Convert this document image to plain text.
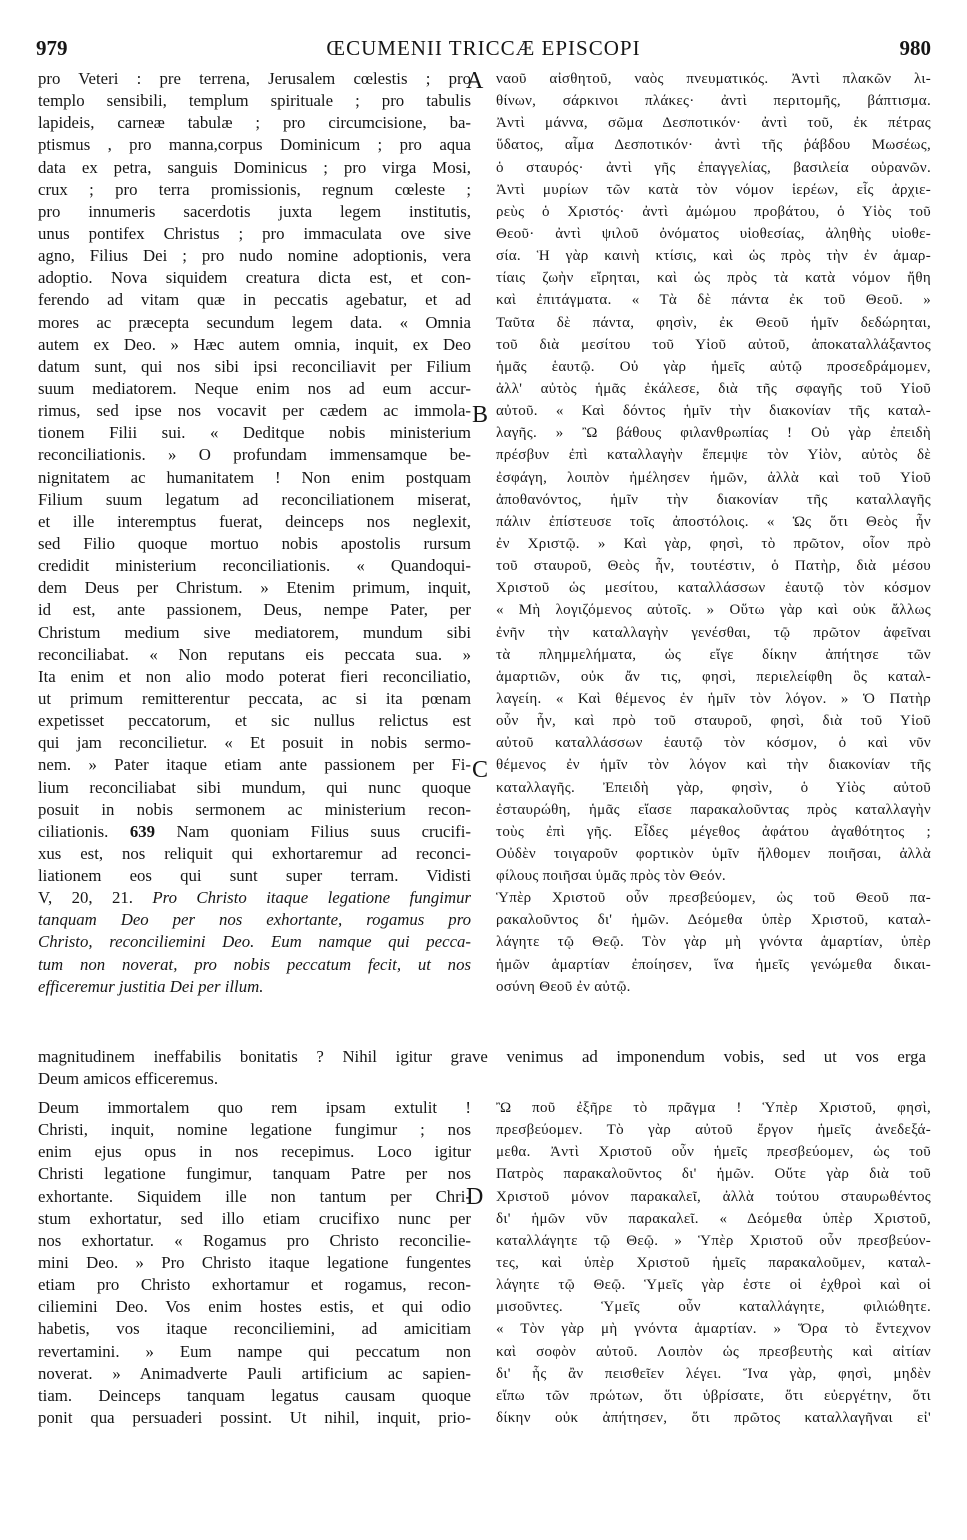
979	ŒCUMENII TRICCÆ EPISCOPI	980
A
B
C
D
pro Veteri : pre terrena, Jerusalem cœlestis ; pro
templo sensibili, templum spirituale ; pro tabulis
lapideis, carneæ tabulæ ; pro circumcisione, ba-
ptismus , pro manna,corpus Dominicum ; pro aqua
data ex petra, sanguis Dominicus ; pro virga Mosi,
crux ; pro terra promissionis, regnum cœleste ;
pro innumeris sacerdotis juxta legem institutis,
unus pontifex Christus ; pro immaculata ove sive
agno, Filius Dei ; pro nudo nomine adoptionis, vera
adoptio. Nova siquidem creatura dicta est, et con-
ferendo ad vitam quæ in peccatis agebatur, et ad
mores ac præcepta secundum legem data. « Omnia
autem ex Deo. » Hæc autem omnia, inquit, ex Deo
datum sunt, qui nos sibi ipsi reconciliavit per Filium
suum mediatorem. Neque enim nos ad eum accur-
rimus, sed ipse nos vocavit per cædem ac immola-
tionem Filii sui. « Deditque nobis ministerium
reconciliationis. » O profundam immensamque be-
nignitatem ac humanitatem ! Non enim postquam
Filium suum legatum ad reconciliationem miserat,
et ille interemptus fuerat, deinceps nos neglexit,
sed Filio quoque mortuo nobis apostolis rursum
credidit ministerium reconciliationis. « Quandoqui-
dem Deus per Christum. » Etenim primum, inquit,
id est, ante passionem, Deus, nempe Pater, per
Christum medium sive mediatorem, mundum sibi
reconciliabat. « Non reputans eis peccata sua. »
Ita enim et non alio modo poterat fieri reconciliatio,
ut primum remitterentur peccata, ac si ita pœnam
expetisset peccatorum, et sic nullus relictus est
qui jam reconcilietur. « Et posuit in nobis sermo-
nem. » Pater itaque etiam ante passionem per Fi-
lium reconciliabat sibi mundum, qui nunc quoque
posuit in nobis sermonem ac ministerium recon-
ciliationis. 639 Nam quoniam Filius suus crucifi-
xus est, nos reliquit qui exhortaremur ad reconci-
liationem eos qui sunt super terram. Vidisti
V, 20, 21. Pro Christo itaque legatione fungimur
tanquam Deo per nos exhortante, rogamus pro
Christo, reconciliemini Deo. Eum namque qui pecca-
tum non noverat, pro nobis peccatum fecit, ut nos
efficeremur justitia Dei per illum.
ναοῦ αἰσθητοῦ, ναὸς πνευματικός. Ἀντὶ πλακῶν λι-
θίνων, σάρκινοι πλάκες· ἀντὶ περιτομῆς, βάπτισμα.
Ἀντὶ μάννα, σῶμα Δεσποτικόν· ἀντὶ τοῦ, ἐκ πέτρας
ὕδατος, αἷμα Δεσποτικόν· ἀντὶ τῆς ῥάβδου Μωσέως,
ὁ σταυρός· ἀντὶ γῆς ἐπαγγελίας, βασιλεία οὐρανῶν.
Ἀντὶ μυρίων τῶν κατὰ τὸν νόμον ἱερέων, εἷς ἀρχιε-
ρεὺς ὁ Χριστός· ἀντὶ ἀμώμου προβάτου, ὁ Υἱὸς τοῦ
Θεοῦ· ἀντὶ ψιλοῦ ὀνόματος υἱοθεσίας, ἀληθὴς υἱοθε-
σία. Ἡ γὰρ καινὴ κτίσις, καὶ ὡς πρὸς τὴν ἐν ἁμαρ-
τίαις ζωὴν εἴρηται, καὶ ὡς πρὸς τὰ κατὰ νόμον ἤθη
καὶ ἐπιτάγματα. « Τὰ δὲ πάντα ἐκ τοῦ Θεοῦ. »
Ταῦτα δὲ πάντα, φησὶν, ἐκ Θεοῦ ἡμῖν δεδώρηται,
τοῦ διὰ μεσίτου τοῦ Υἱοῦ αὐτοῦ, ἀποκαταλλάξαντος
ἡμᾶς ἑαυτῷ. Οὐ γὰρ ἡμεῖς αὐτῷ προσεδράμομεν,
ἀλλ' αὐτὸς ἡμᾶς ἐκάλεσε, διὰ τῆς σφαγῆς τοῦ Υἱοῦ
αὐτοῦ. « Καὶ δόντος ἡμῖν τὴν διακονίαν τῆς καταλ-
λαγῆς. » Ὢ βάθους φιλανθρωπίας ! Οὐ γὰρ ἐπειδὴ
πρέσβυν ἐπὶ καταλλαγὴν ἔπεμψε τὸν Υἱὸν, αὐτὸς δὲ
ἐσφάγη, λοιπὸν ἠμέλησεν ἡμῶν, ἀλλὰ καὶ τοῦ Υἱοῦ
ἀποθανόντος, ἡμῖν τὴν διακονίαν τῆς καταλλαγῆς
πάλιν ἐπίστευσε τοῖς ἀποστόλοις. « Ὡς ὅτι Θεὸς ἦν
ἐν Χριστῷ. » Καὶ γὰρ, φησὶ, τὸ πρῶτον, οἷον πρὸ
τοῦ σταυροῦ, Θεὸς ἦν, τουτέστιν, ὁ Πατὴρ, διὰ μέσου
Χριστοῦ ὡς μεσίτου, καταλλάσσων ἑαυτῷ τὸν κόσμον
« Μὴ λογιζόμενος αὐτοῖς. » Οὕτω γὰρ καὶ οὐκ ἄλλως
ἐνῆν τὴν καταλλαγὴν γενέσθαι, τῷ πρῶτον ἀφεῖναι
τὰ πλημμελήματα, ὡς εἴγε δίκην ἀπήτησε τῶν
ἁμαρτιῶν, οὐκ ἄν τις, φησὶ, περιελείφθη ὃς καταλ-
λαγείη. « Καὶ θέμενος ἐν ἡμῖν τὸν λόγον. » Ὁ Πατὴρ
οὖν ἦν, καὶ πρὸ τοῦ σταυροῦ, φησὶ, διὰ τοῦ Υἱοῦ
αὐτοῦ καταλλάσσων ἑαυτῷ τὸν κόσμον, ὁ καὶ νῦν
θέμενος ἐν ἡμῖν τὸν λόγον καὶ τὴν διακονίαν τῆς
καταλλαγῆς. Ἐπειδὴ γὰρ, φησὶν, ὁ Υἱὸς αὐτοῦ
ἐσταυρώθη, ἡμᾶς εἴασε παρακαλοῦντας πρὸς καταλλαγὴν
τοὺς ἐπὶ γῆς. Εἶδες μέγεθος ἀφάτου ἀγαθότητος ;
Οὐδὲν τοιγαροῦν φορτικὸν ὑμῖν ἤλθομεν ποιῆσαι, ἀλλὰ
φίλους ποιῆσαι ὑμᾶς πρὸς τὸν Θεόν.
Ὑπὲρ Χριστοῦ οὖν πρεσβεύομεν, ὡς τοῦ Θεοῦ πα-
ρακαλοῦντος δι' ἡμῶν. Δεόμεθα ὑπὲρ Χριστοῦ, καταλ-
λάγητε τῷ Θεῷ. Τὸν γὰρ μὴ γνόντα ἁμαρτίαν, ὑπὲρ
ἡμῶν ἁμαρτίαν ἐποίησεν, ἵνα ἡμεῖς γενώμεθα δικαι-
οσύνη Θεοῦ ἐν αὐτῷ.
magnitudinem ineffabilis bonitatis ? Nihil igitur grave venimus ad imponendum vobis, sed ut vos erga
Deum amicos efficeremus.
Deum immortalem quo rem ipsam extulit !
Christi, inquit, nomine legatione fungimur ; nos
enim ejus opus in nos recepimus. Loco igitur
Christi legatione fungimur, tanquam Patre per nos
exhortante. Siquidem ille non tantum per Chri-
stum exhortatur, sed illo etiam crucifixo nunc per
nos exhortatur. « Rogamus pro Christo reconcilie-
mini Deo. » Pro Christo itaque legatione fungentes
etiam pro Christo exhortamur et rogamus, recon-
ciliemini Deo. Vos enim hostes estis, et qui odio
habetis, vos itaque reconciliemini, ad amicitiam
revertamini. » Eum nampe qui peccatum non
noverat. » Animadverte Pauli artificium ac sapien-
tiam. Deinceps tanquam legatus causam quoque
ponit qua persuaderi possint. Ut nihil, inquit, prio-
Ὢ ποῦ ἐξῆρε τὸ πρᾶγμα ! Ὑπὲρ Χριστοῦ, φησὶ,
πρεσβεύομεν. Τὸ γὰρ αὐτοῦ ἔργον ἡμεῖς ἀνεδεξά-
μεθα. Ἀντὶ Χριστοῦ οὖν ἡμεῖς πρεσβεύομεν, ὡς τοῦ
Πατρὸς παρακαλοῦντος δι' ἡμῶν. Οὔτε γὰρ διὰ τοῦ
Χριστοῦ μόνον παρακαλεῖ, ἀλλὰ τούτου σταυρωθέντος
δι' ἡμῶν νῦν παρακαλεῖ. « Δεόμεθα ὑπὲρ Χριστοῦ,
καταλλάγητε τῷ Θεῷ. » Ὑπὲρ Χριστοῦ οὖν πρεσβεύον-
τες, καὶ ὑπὲρ Χριστοῦ ἡμεῖς παρακαλοῦμεν, καταλ-
λάγητε τῷ Θεῷ. Ὑμεῖς γὰρ ἐστε οἱ ἐχθροὶ καὶ οἱ
μισοῦντες. Ὑμεῖς οὖν καταλλάγητε, φιλιώθητε.
« Τὸν γὰρ μὴ γνόντα ἁμαρτίαν. » Ὅρα τὸ ἔντεχνον
καὶ σοφὸν αὐτοῦ. Λοιπὸν ὡς πρεσβευτὴς καὶ αἰτίαν
δι' ἧς ἂν πεισθεῖεν λέγει. Ἵνα γὰρ, φησὶ, μηδὲν
εἴπω τῶν πρώτων, ὅτι ὑβρίσατε, ὅτι εὐεργέτην, ὅτι
δίκην οὐκ ἀπήτησεν, ὅτι πρῶτος καταλλαγῆναι εἰ'
